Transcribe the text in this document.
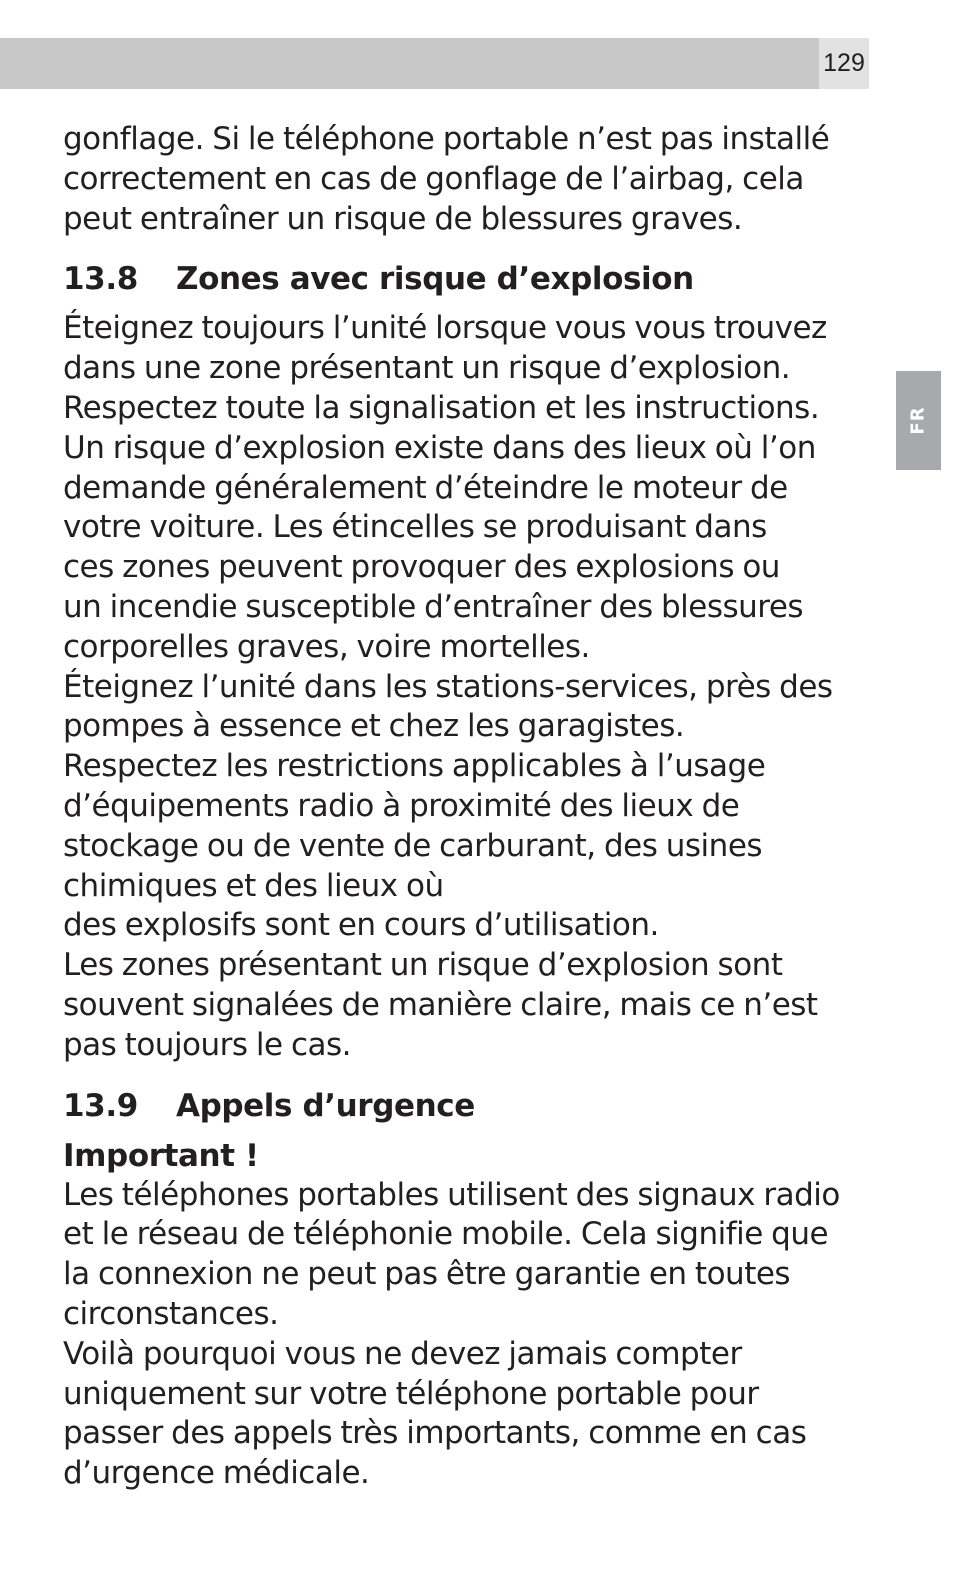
129
FR

gonflage. Si le téléphone portable n’est pas installé
correctement en cas de gonflage de l’airbag, cela
peut entraîner un risque de blessures graves.

13.8 Zones avec risque d’explosion

Éteignez toujours l’unité lorsque vous vous trouvez
dans une zone présentant un risque d’explosion.
Respectez toute la signalisation et les instructions.
Un risque d’explosion existe dans des lieux où l’on
demande généralement d’éteindre le moteur de
votre voiture. Les étincelles se produisant dans
ces zones peuvent provoquer des explosions ou
un incendie susceptible d’entraîner des blessures
corporelles graves, voire mortelles.
Éteignez l’unité dans les stations-services, près des
pompes à essence et chez les garagistes.
Respectez les restrictions applicables à l’usage
d’équipements radio à proximité des lieux de
stockage ou de vente de carburant, des usines
chimiques et des lieux où
des explosifs sont en cours d’utilisation.
Les zones présentant un risque d’explosion sont
souvent signalées de manière claire, mais ce n’est
pas toujours le cas.

13.9 Appels d’urgence
Important !

Les téléphones portables utilisent des signaux radio
et le réseau de téléphonie mobile. Cela signifie que
la connexion ne peut pas être garantie en toutes
circonstances.
Voilà pourquoi vous ne devez jamais compter
uniquement sur votre téléphone portable pour
passer des appels très importants, comme en cas
d’urgence médicale.
